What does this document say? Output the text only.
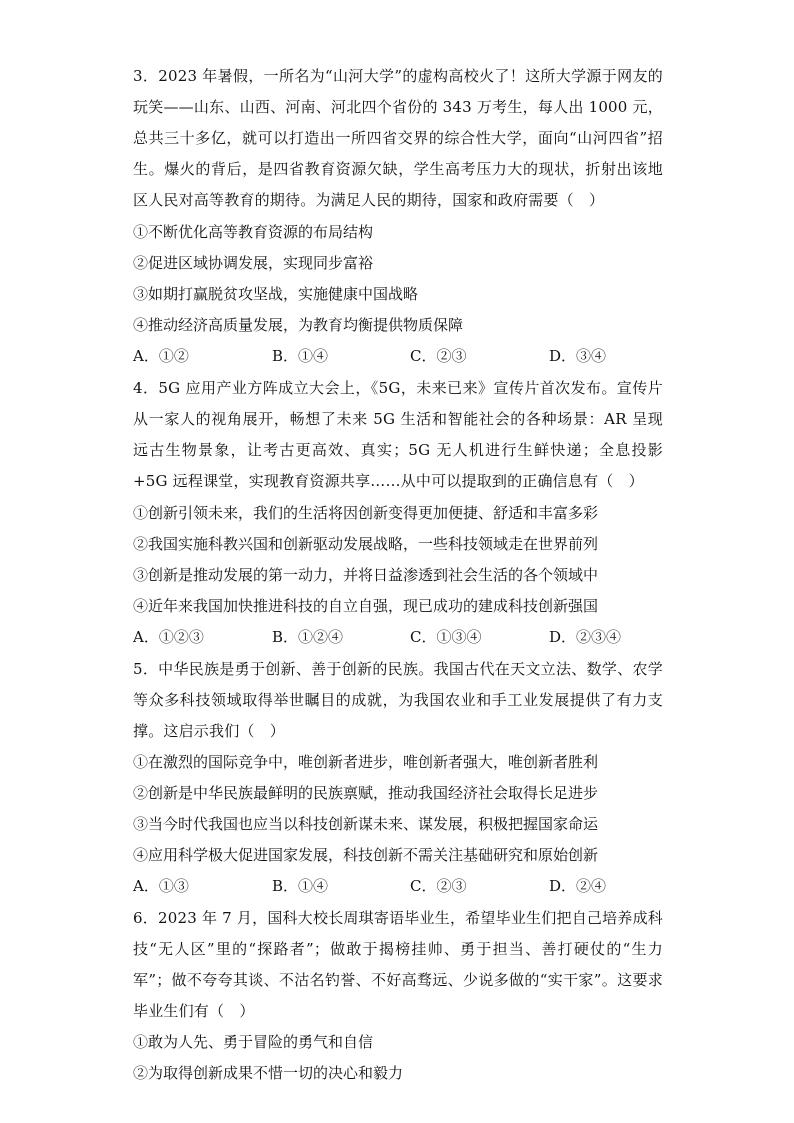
3．2023 年暑假，一所名为“山河大学”的虚构高校火了！这所大学源于网友的玩笑——山东、山西、河南、河北四个省份的 343 万考生，每人出 1000 元，总共三十多亿，就可以打造出一所四省交界的综合性大学，面向“山河四省”招生。爆火的背后，是四省教育资源欠缺，学生高考压力大的现状，折射出该地区人民对高等教育的期待。为满足人民的期待，国家和政府需要（　）

①不断优化高等教育资源的布局结构

②促进区域协调发展，实现同步富裕

③如期打赢脱贫攻坚战，实施健康中国战略

④推动经济高质量发展，为教育均衡提供物质保障

A．①②	B．①④	C．②③	D．③④

4．5G 应用产业方阵成立大会上，《5G，未来已来》宣传片首次发布。宣传片从一家人的视角展开，畅想了未来 5G 生活和智能社会的各种场景：AR 呈现远古生物景象，让考古更高效、真实；5G 无人机进行生鲜快递；全息投影+5G 远程课堂，实现教育资源共享……从中可以提取到的正确信息有（　）

①创新引领未来，我们的生活将因创新变得更加便捷、舒适和丰富多彩

②我国实施科教兴国和创新驱动发展战略，一些科技领域走在世界前列

③创新是推动发展的第一动力，并将日益渗透到社会生活的各个领域中

④近年来我国加快推进科技的自立自强，现已成功的建成科技创新强国

A．①②③	B．①②④	C．①③④	D．②③④

5．中华民族是勇于创新、善于创新的民族。我国古代在天文立法、数学、农学等众多科技领域取得举世瞩目的成就，为我国农业和手工业发展提供了有力支撑。这启示我们（　）

①在激烈的国际竞争中，唯创新者进步，唯创新者强大，唯创新者胜利

②创新是中华民族最鲜明的民族禀赋，推动我国经济社会取得长足进步

③当今时代我国也应当以科技创新谋未来、谋发展，积极把握国家命运

④应用科学极大促进国家发展，科技创新不需关注基础研究和原始创新

A．①③	B．①④	C．②③	D．②④

6．2023 年 7 月，国科大校长周琪寄语毕业生，希望毕业生们把自己培养成科技“无人区”里的“探路者”；做敢于揭榜挂帅、勇于担当、善打硬仗的“生力军”；做不夸夸其谈、不沽名钓誉、不好高骛远、少说多做的“实干家”。这要求毕业生们有（　）

①敢为人先、勇于冒险的勇气和自信

②为取得创新成果不惜一切的决心和毅力
